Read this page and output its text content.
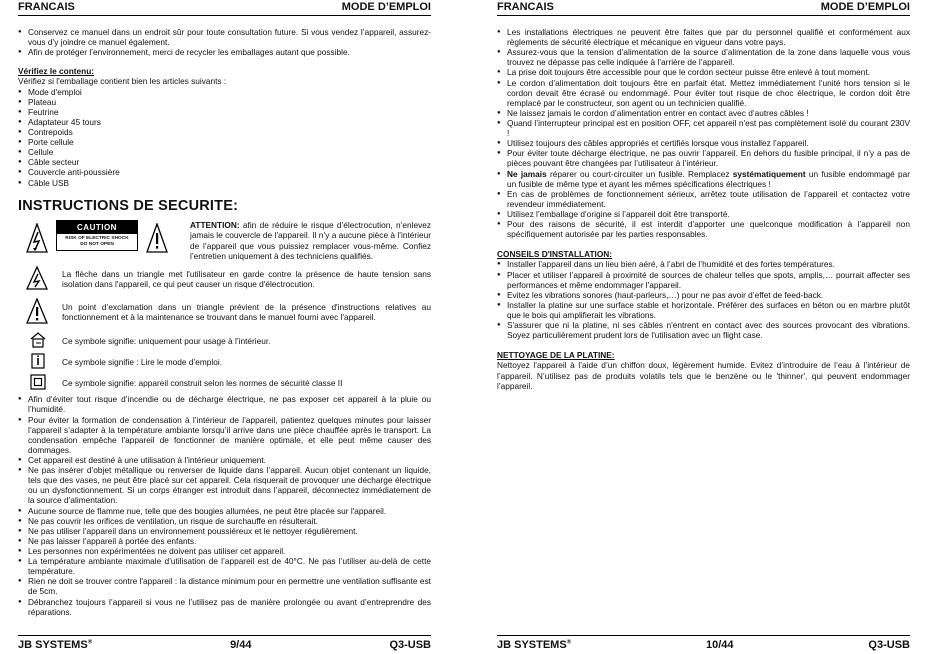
FRANCAIS	MODE D’EMPLOI
● Conservez ce manuel dans un endroit sûr pour toute consultation future. Si vous vendez l’appareil, assurez-vous d’y joindre ce manuel également.
● Afin de protéger l’environnement, merci de recycler les emballages autant que possible.
Vérifiez le contenu:
Vérifiez si l'emballage contient bien les articles suivants :
● Mode d'emploi
● Plateau
● Feutrine
● Adaptateur 45 tours
● Contrepoids
● Porte cellule
● Cellule
● Câble secteur
● Couvercle anti-poussière
● Câble USB
INSTRUCTIONS DE SECURITE:
CAUTION
RISK OF ELECTRIC SHOCK
DO NOT OPEN
ATTENTION: afin de réduire le risque d’électrocution, n’enlevez jamais le couvercle de l’appareil. Il n’y a aucune pièce à l’intérieur de l’appareil que vous puissiez remplacer vous-même. Confiez l’entretien uniquement à des techniciens qualifiés.
La flèche dans un triangle met l'utilisateur en garde contre la présence de haute tension sans isolation dans l'appareil, ce qui peut causer un risque d'électrocution.
Un point d’exclamation dans un triangle prévient de la présence d'instructions relatives au fonctionnement et à la maintenance se trouvant dans le manuel fourni avec l'appareil.
Ce symbole signifie: uniquement pour usage à l’intérieur.
Ce symbole signifie : Lire le mode d’emploi.
Ce symbole signifie: appareil construit selon les normes de sécurité classe II
● Afin d’éviter tout risque d’incendie ou de décharge électrique, ne pas exposer cet appareil à la pluie ou l’humidité.
● Pour éviter la formation de condensation à l’intérieur de l’appareil, patientez quelques minutes pour laisser l’appareil s’adapter à la température ambiante lorsqu’il arrive dans une pièce chauffée après le transport. La condensation empêche l'appareil de fonctionner de manière optimale, et elle peut même causer des dommages.
● Cet appareil est destiné à une utilisation à l’intérieur uniquement.
● Ne pas insérer d’objet métallique ou renverser de liquide dans l’appareil. Aucun objet contenant un liquide, tels que des vases, ne peut être placé sur cet appareil. Cela risquerait de provoquer une décharge électrique ou un dysfonctionnement. Si un corps étranger est introduit dans l’appareil, déconnectez immédiatement de la source d’alimentation.
● Aucune source de flamme nue, telle que des bougies allumées, ne peut être placée sur l'appareil.
● Ne pas couvrir les orifices de ventilation, un risque de surchauffe en résulterait.
● Ne pas utiliser l’appareil dans un environnement poussiéreux et le nettoyer régulièrement.
● Ne pas laisser l’appareil à portée des enfants.
● Les personnes non expérimentées ne doivent pas utiliser cet appareil.
● La température ambiante maximale d’utilisation de l’appareil est de 40°C. Ne pas l’utiliser au-delà de cette température.
● Rien ne doit se trouver contre l'appareil : la distance minimum pour en permettre une ventilation suffisante est de 5cm.
● Débranchez toujours l’appareil si vous ne l’utilisez pas de manière prolongée ou avant d’entreprendre des réparations.
JB SYSTEMS®	9/44	Q3-USB
FRANCAIS	MODE D’EMPLOI
● Les installations électriques ne peuvent être faites que par du personnel qualifié et conformément aux règlements de sécurité électrique et mécanique en vigueur dans votre pays.
● Assurez-vous que la tension d’alimentation de la source d’alimentation de la zone dans laquelle vous vous trouvez ne dépasse pas celle indiquée à l’arrière de l’appareil.
● La prise doit toujours être accessible pour que le cordon secteur puisse être enlevé à tout moment.
● Le cordon d’alimentation doit toujours être en parfait état. Mettez immédiatement l’unité hors tension si le cordon devait être écrasé ou endommagé. Pour éviter tout risque de choc électrique, le cordon doit être remplacé par le constructeur, son agent ou un technicien qualifié.
● Ne laissez jamais le cordon d’alimentation entrer en contact avec d’autres câbles !
● Quand l’interrupteur principal est en position OFF, cet appareil n'est pas complètement isolé du courant 230V !
● Utilisez toujours des câbles appropriés et certifiés lorsque vous installez l’appareil.
● Pour éviter toute décharge électrique, ne pas ouvrir l’appareil. En dehors du fusible principal, il n’y a pas de pièces pouvant être changées par l’utilisateur à l’intérieur.
● Ne jamais réparer ou court-circuiter un fusible. Remplacez systématiquement un fusible endommagé par un fusible de même type et ayant les mêmes spécifications électriques !
● En cas de problèmes de fonctionnement sérieux, arrêtez toute utilisation de l’appareil et contactez votre revendeur immédiatement.
● Utilisez l’emballage d’origine si l’appareil doit être transporté.
● Pour des raisons de sécurité, il est interdit d’apporter une quelconque modification à l’appareil non spécifiquement autorisée par les parties responsables.
CONSEILS D'INSTALLATION:
● Installer l’appareil dans un lieu bien aéré, à l’abri de l’humidité et des fortes températures.
● Placer et utiliser l’appareil à proximité de sources de chaleur telles que spots, amplis,… pourrait affecter ses performances et même endommager l'appareil.
● Evitez les vibrations sonores (haut-parleurs,…) pour ne pas avoir d’effet de feed-back.
● Installer la platine sur une surface stable et horizontale. Préférer des surfaces en béton ou en marbre plutôt que le bois qui amplifierait les vibrations.
● S'assurer que ni la platine, ni ses câbles n'entrent en contact avec des sources provocant des vibrations. Soyez particulièrement prudent lors de l'utilisation avec un flight case.
NETTOYAGE DE LA PLATINE:
Nettoyez l’appareil à l’aide d’un chiffon doux, légèrement humide. Evitez d’introduire de l’eau à l’intérieur de l’appareil. N’utilisez pas de produits volatils tels que le benzène ou le 'thinner', qui peuvent endommager l’appareil.
JB SYSTEMS®	10/44	Q3-USB
